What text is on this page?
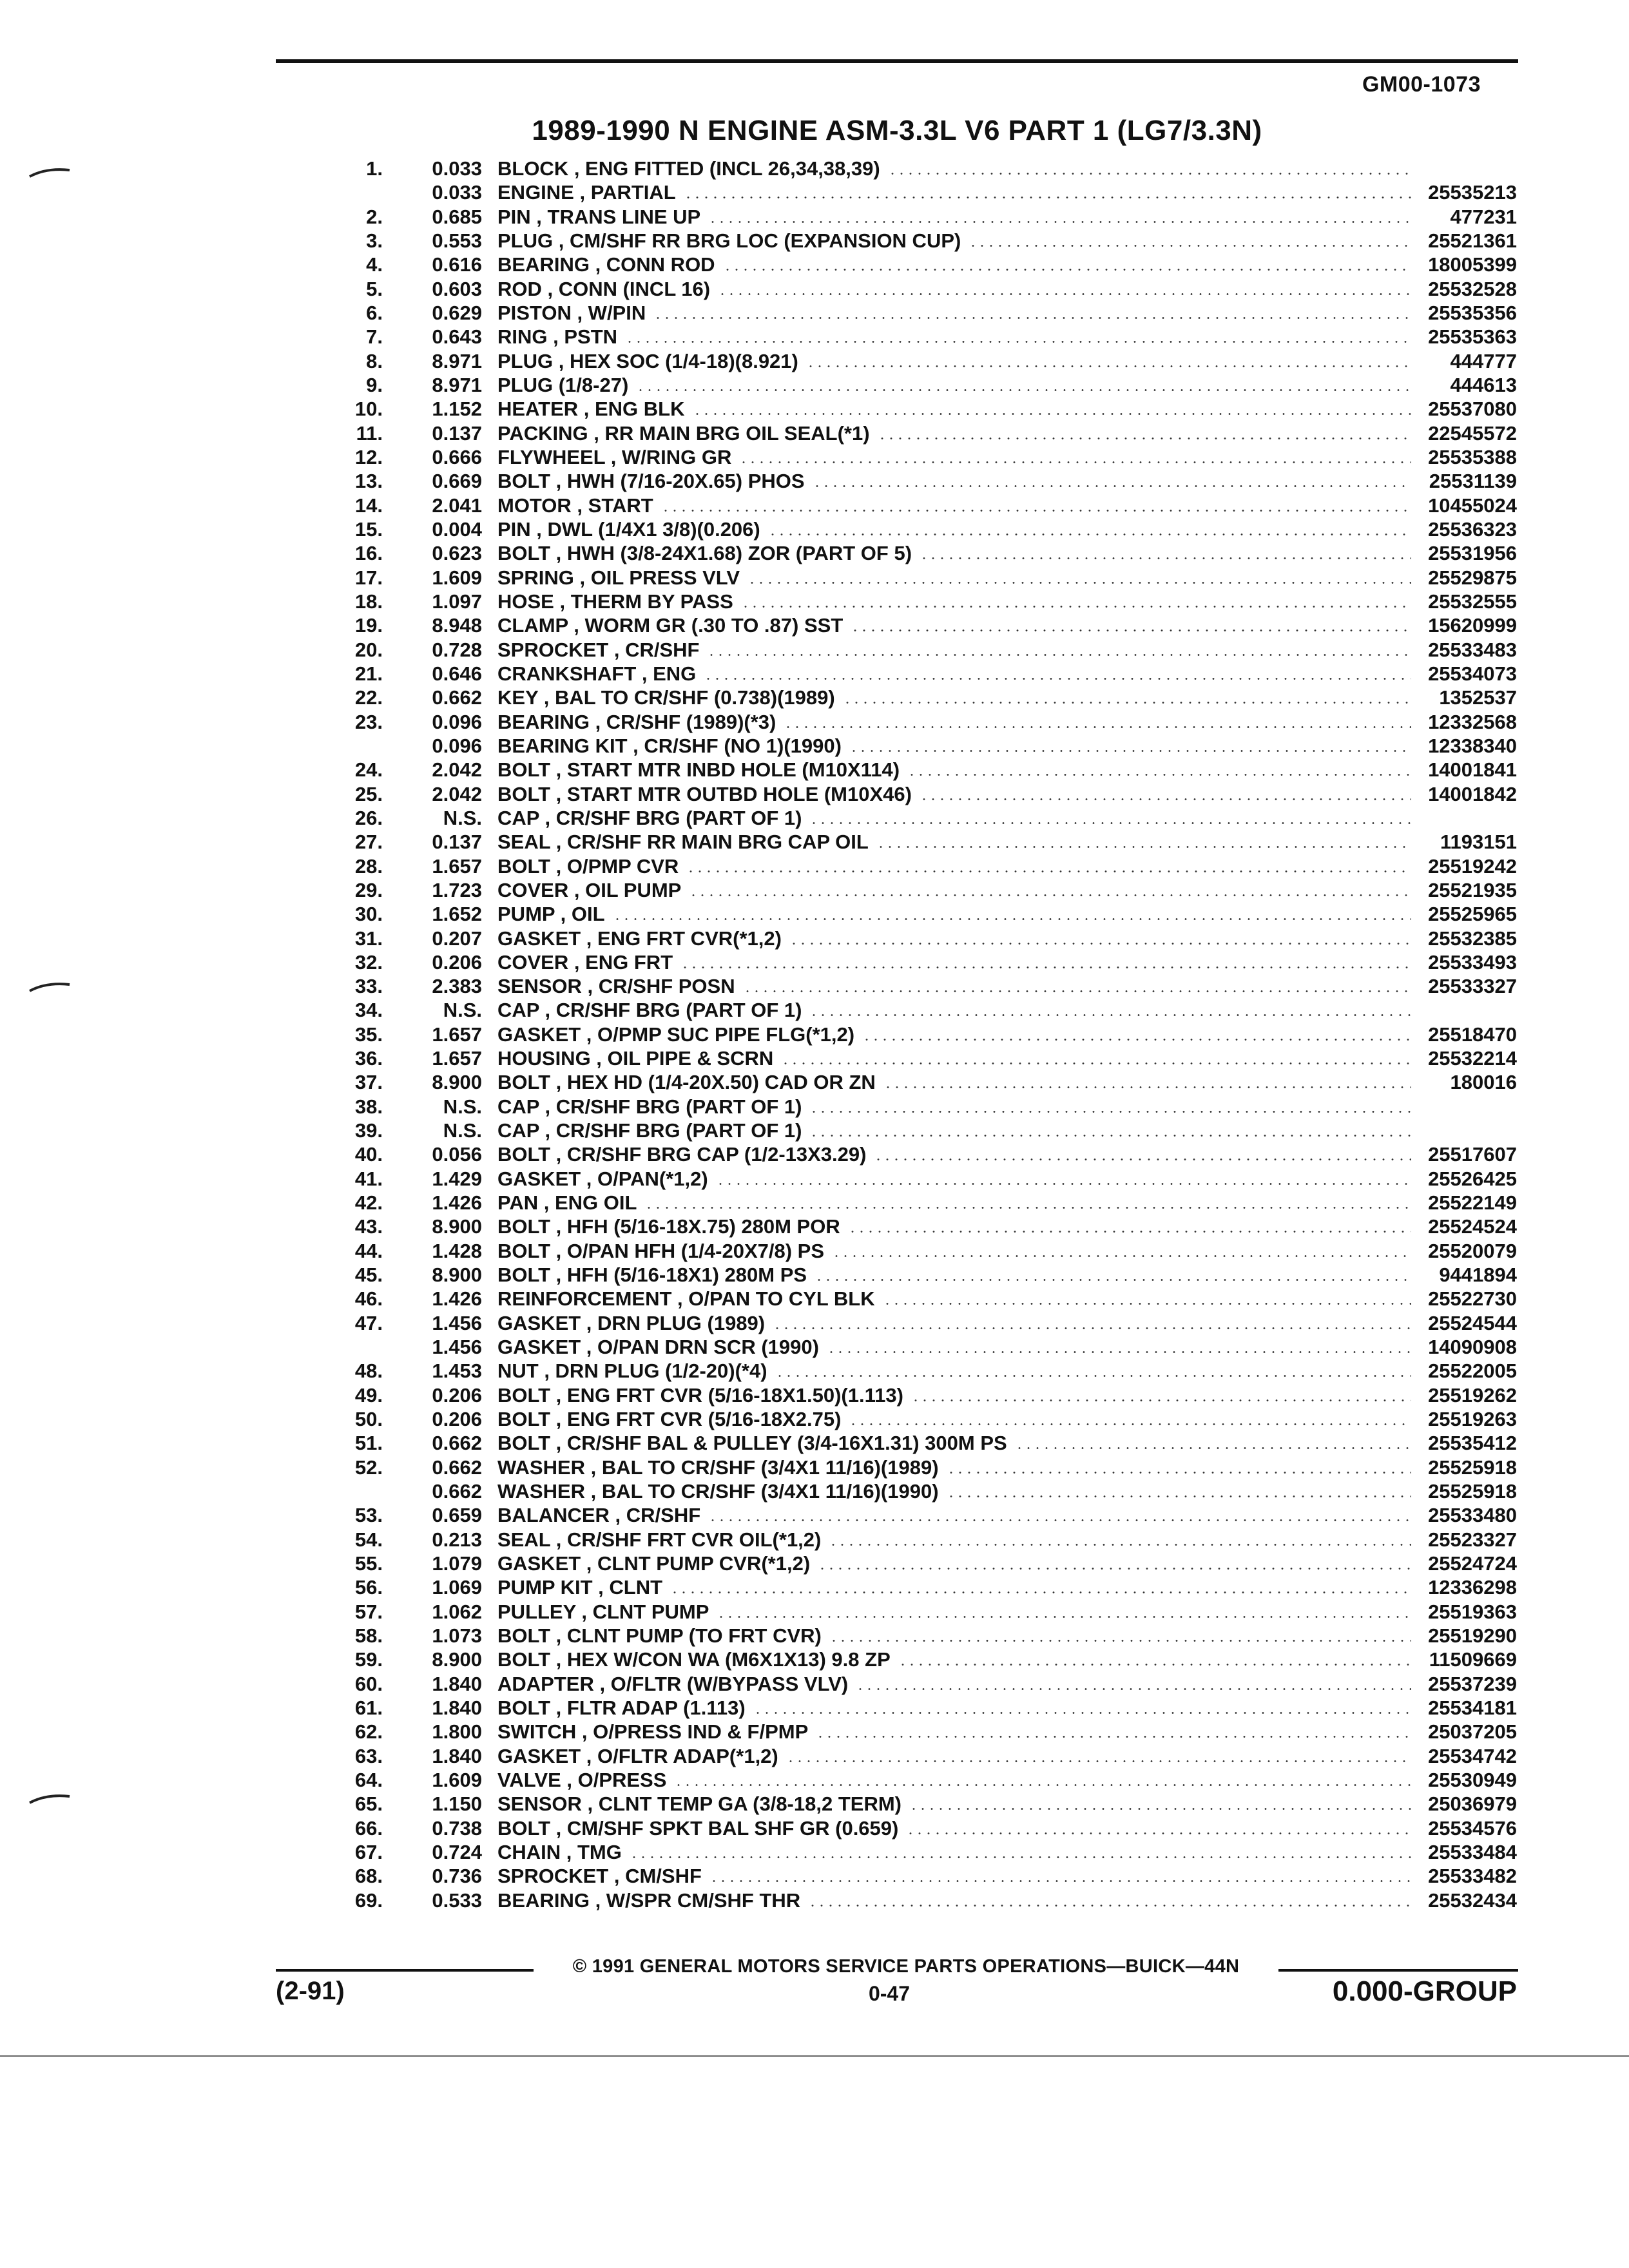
GM00-1073
1989-1990 N ENGINE ASM-3.3L V6 PART 1 (LG7/3.3N)
1. 0.033 BLOCK , ENG FITTED (INCL 26,34,38,39)
0.033 ENGINE , PARTIAL	25535213
2. 0.685 PIN , TRANS LINE UP	477231
3. 0.553 PLUG , CM/SHF RR BRG LOC (EXPANSION CUP)	25521361
4. 0.616 BEARING , CONN ROD	18005399
5. 0.603 ROD , CONN (INCL 16)	25532528
6. 0.629 PISTON , W/PIN	25535356
7. 0.643 RING , PSTN	25535363
8. 8.971 PLUG , HEX SOC (1/4-18)(8.921)	444777
9. 8.971 PLUG (1/8-27)	444613
10. 1.152 HEATER , ENG BLK	25537080
11. 0.137 PACKING , RR MAIN BRG OIL SEAL(*1)	22545572
12. 0.666 FLYWHEEL , W/RING GR	25535388
13. 0.669 BOLT , HWH (7/16-20X.65) PHOS	25531139
14. 2.041 MOTOR , START	10455024
15. 0.004 PIN , DWL (1/4X1 3/8)(0.206)	25536323
16. 0.623 BOLT , HWH (3/8-24X1.68) ZOR (PART OF 5)	25531956
17. 1.609 SPRING , OIL PRESS VLV	25529875
18. 1.097 HOSE , THERM BY PASS	25532555
19. 8.948 CLAMP , WORM GR (.30 TO .87) SST	15620999
20. 0.728 SPROCKET , CR/SHF	25533483
21. 0.646 CRANKSHAFT , ENG	25534073
22. 0.662 KEY , BAL TO CR/SHF (0.738)(1989)	1352537
23. 0.096 BEARING , CR/SHF (1989)(*3)	12332568
0.096 BEARING KIT , CR/SHF (NO 1)(1990)	12338340
24. 2.042 BOLT , START MTR INBD HOLE (M10X114)	14001841
25. 2.042 BOLT , START MTR OUTBD HOLE (M10X46)	14001842
26.	N.S. CAP , CR/SHF BRG (PART OF 1)
27. 0.137 SEAL , CR/SHF RR MAIN BRG CAP OIL	1193151
28. 1.657 BOLT , O/PMP CVR	25519242
29. 1.723 COVER , OIL PUMP	25521935
30. 1.652 PUMP , OIL	25525965
31. 0.207 GASKET , ENG FRT CVR(*1,2)	25532385
32. 0.206 COVER , ENG FRT	25533493
33. 2.383 SENSOR , CR/SHF POSN	25533327
34.	N.S. CAP , CR/SHF BRG (PART OF 1)
35. 1.657 GASKET , O/PMP SUC PIPE FLG(*1,2)	25518470
36. 1.657 HOUSING , OIL PIPE & SCRN	25532214
37. 8.900 BOLT , HEX HD (1/4-20X.50) CAD OR ZN	180016
38.	N.S. CAP , CR/SHF BRG (PART OF 1)
39.	N.S. CAP , CR/SHF BRG (PART OF 1)
40. 0.056 BOLT , CR/SHF BRG CAP (1/2-13X3.29)	25517607
41. 1.429 GASKET , O/PAN(*1,2)	25526425
42. 1.426 PAN , ENG OIL	25522149
43. 8.900 BOLT , HFH (5/16-18X.75) 280M POR	25524524
44. 1.428 BOLT , O/PAN HFH (1/4-20X7/8) PS	25520079
45. 8.900 BOLT , HFH (5/16-18X1) 280M PS	9441894
46. 1.426 REINFORCEMENT , O/PAN TO CYL BLK	25522730
47. 1.456 GASKET , DRN PLUG (1989)	25524544
1.456 GASKET , O/PAN DRN SCR (1990)	14090908
48. 1.453 NUT , DRN PLUG (1/2-20)(*4)	25522005
49. 0.206 BOLT , ENG FRT CVR (5/16-18X1.50)(1.113)	25519262
50. 0.206 BOLT , ENG FRT CVR (5/16-18X2.75)	25519263
51. 0.662 BOLT , CR/SHF BAL & PULLEY (3/4-16X1.31) 300M PS	25535412
52. 0.662 WASHER , BAL TO CR/SHF (3/4X1 11/16)(1989)	25525918
0.662 WASHER , BAL TO CR/SHF (3/4X1 11/16)(1990)	25525918
53. 0.659 BALANCER , CR/SHF	25533480
54. 0.213 SEAL , CR/SHF FRT CVR OIL(*1,2)	25523327
55. 1.079 GASKET , CLNT PUMP CVR(*1,2)	25524724
56. 1.069 PUMP KIT , CLNT	12336298
57. 1.062 PULLEY , CLNT PUMP	25519363
58. 1.073 BOLT , CLNT PUMP (TO FRT CVR)	25519290
59. 8.900 BOLT , HEX W/CON WA (M6X1X13) 9.8 ZP	11509669
60. 1.840 ADAPTER , O/FLTR (W/BYPASS VLV)	25537239
61. 1.840 BOLT , FLTR ADAP (1.113)	25534181
62. 1.800 SWITCH , O/PRESS IND & F/PMP	25037205
63. 1.840 GASKET , O/FLTR ADAP(*1,2)	25534742
64. 1.609 VALVE , O/PRESS	25530949
65. 1.150 SENSOR , CLNT TEMP GA (3/8-18,2 TERM)	25036979
66. 0.738 BOLT , CM/SHF SPKT BAL SHF GR (0.659)	25534576
67. 0.724 CHAIN , TMG	25533484
68. 0.736 SPROCKET , CM/SHF	25533482
69. 0.533 BEARING , W/SPR CM/SHF THR	25532434
© 1991 GENERAL MOTORS SERVICE PARTS OPERATIONS—BUICK—44N
(2-91)	0-47	0.000-GROUP
